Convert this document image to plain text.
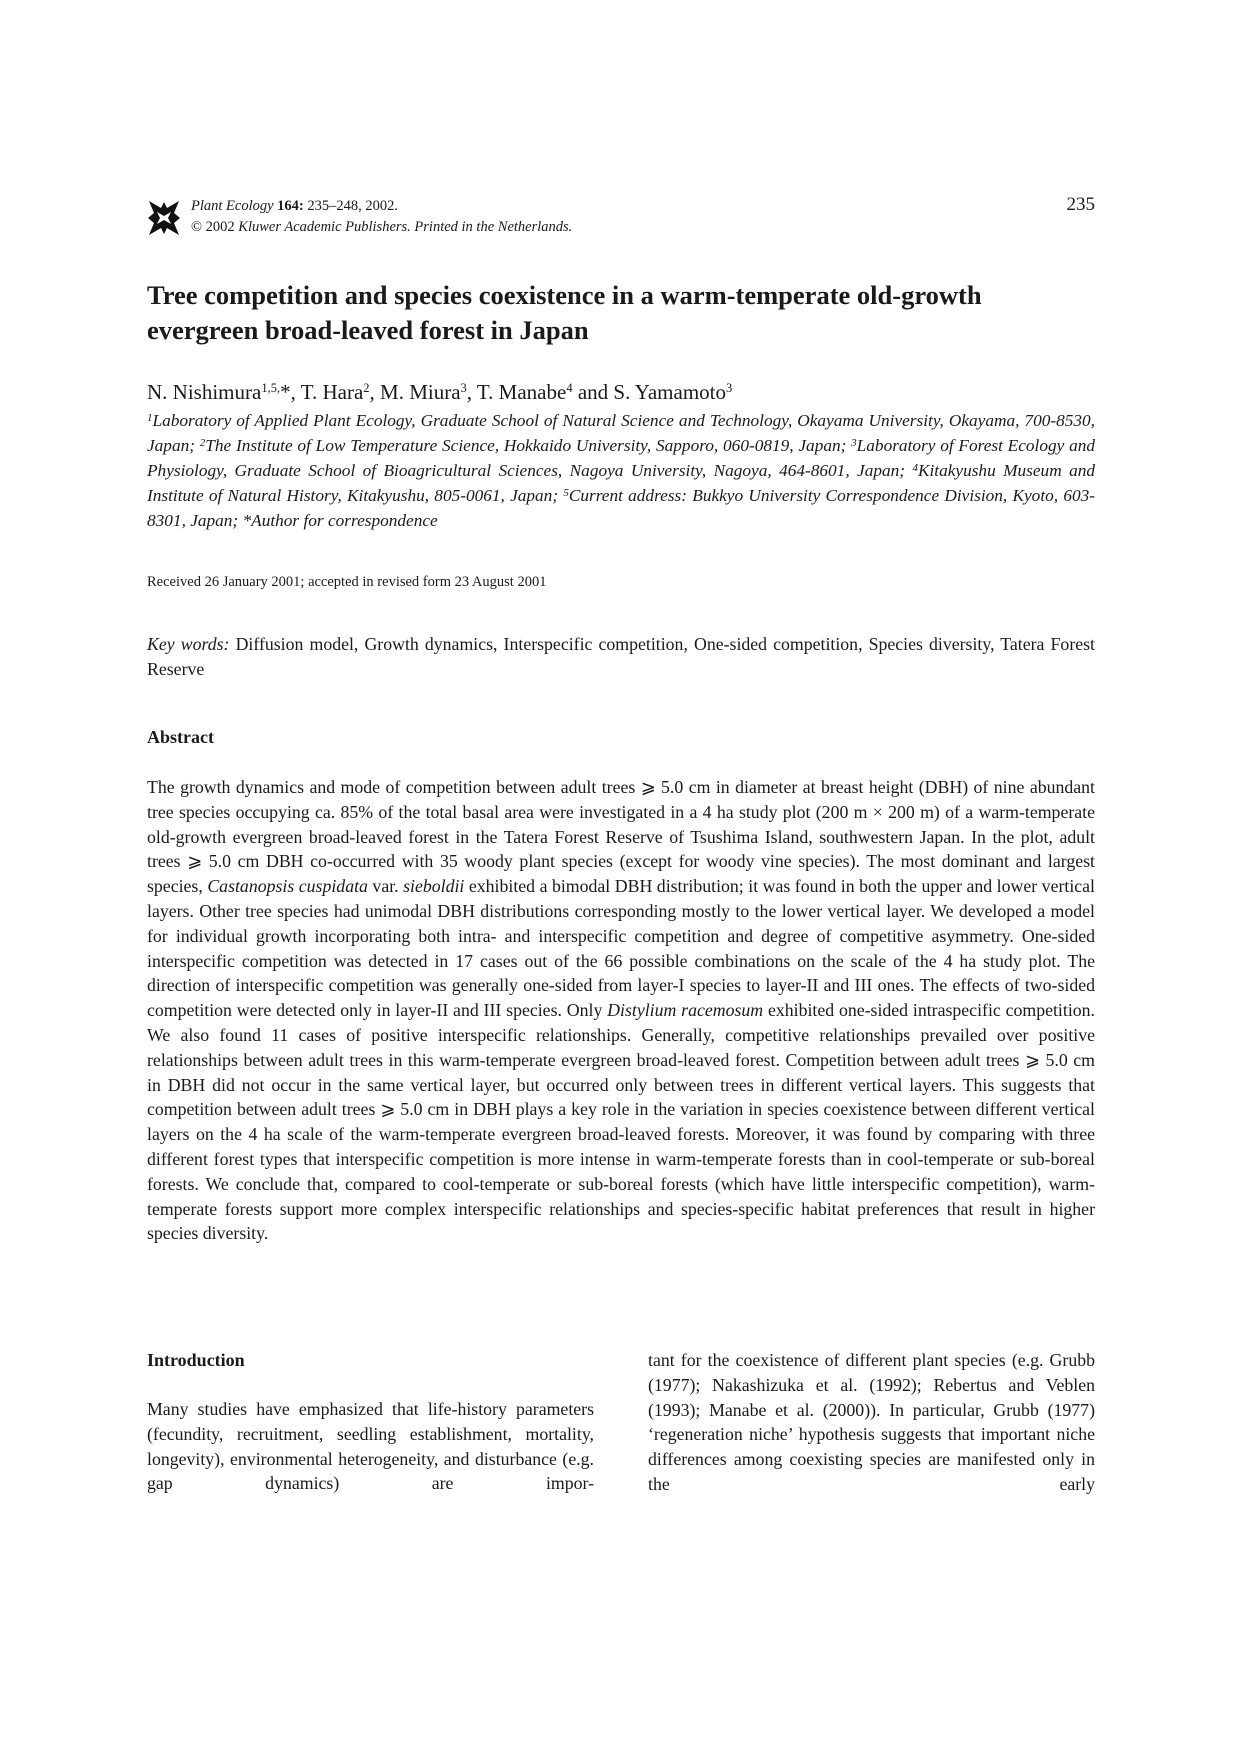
Plant Ecology 164: 235–248, 2002.
© 2002 Kluwer Academic Publishers. Printed in the Netherlands.
235
Tree competition and species coexistence in a warm-temperate old-growth evergreen broad-leaved forest in Japan
N. Nishimura$^{1,5,}$*, T. Hara$^2$, M. Miura$^3$, T. Manabe$^4$ and S. Yamamoto$^3$
$^1$Laboratory of Applied Plant Ecology, Graduate School of Natural Science and Technology, Okayama University, Okayama, 700-8530, Japan; $^2$The Institute of Low Temperature Science, Hokkaido University, Sapporo, 060-0819, Japan; $^3$Laboratory of Forest Ecology and Physiology, Graduate School of Bioagricultural Sciences, Nagoya University, Nagoya, 464-8601, Japan; $^4$Kitakyushu Museum and Institute of Natural History, Kitakyushu, 805-0061, Japan; $^5$Current address: Bukkyo University Correspondence Division, Kyoto, 603-8301, Japan; *Author for correspondence
Received 26 January 2001; accepted in revised form 23 August 2001
Key words: Diffusion model, Growth dynamics, Interspecific competition, One-sided competition, Species diversity, Tatera Forest Reserve
Abstract

The growth dynamics and mode of competition between adult trees ⩾ 5.0 cm in diameter at breast height (DBH) of nine abundant tree species occupying ca. 85% of the total basal area were investigated in a 4 ha study plot (200 m × 200 m) of a warm-temperate old-growth evergreen broad-leaved forest in the Tatera Forest Reserve of Tsushima Island, southwestern Japan. In the plot, adult trees ⩾ 5.0 cm DBH co-occurred with 35 woody plant species (except for woody vine species). The most dominant and largest species, Castanopsis cuspidata var. sieboldii exhibited a bimodal DBH distribution; it was found in both the upper and lower vertical layers. Other tree species had unimodal DBH distributions corresponding mostly to the lower vertical layer. We developed a model for individual growth incorporating both intra- and interspecific competition and degree of competitive asymmetry. One-sided interspecific competition was detected in 17 cases out of the 66 possible combinations on the scale of the 4 ha study plot. The direction of interspecific competition was generally one-sided from layer-I species to layer-II and III ones. The effects of two-sided competition were detected only in layer-II and III species. Only Distylium racemosum exhibited one-sided intraspecific competition. We also found 11 cases of positive interspecific relationships. Generally, competitive relationships prevailed over positive relationships between adult trees in this warm-temperate evergreen broad-leaved forest. Competition between adult trees ⩾ 5.0 cm in DBH did not occur in the same vertical layer, but occurred only between trees in different vertical layers. This suggests that competition between adult trees ⩾ 5.0 cm in DBH plays a key role in the variation in species coexistence between different vertical layers on the 4 ha scale of the warm-temperate evergreen broad-leaved forests. Moreover, it was found by comparing with three different forest types that interspecific competition is more intense in warm-temperate forests than in cool-temperate or sub-boreal forests. We conclude that, compared to cool-temperate or sub-boreal forests (which have little interspecific competition), warm-temperate forests support more complex interspecific relationships and species-specific habitat preferences that result in higher species diversity.

Introduction

Many studies have emphasized that life-history parameters (fecundity, recruitment, seedling establishment, mortality, longevity), environmental heterogeneity, and disturbance (e.g. gap dynamics) are impor-

tant for the coexistence of different plant species (e.g. Grubb (1977); Nakashizuka et al. (1992); Rebertus and Veblen (1993); Manabe et al. (2000)). In particular, Grubb (1977) ‘regeneration niche’ hypothesis suggests that important niche differences among coexisting species are manifested only in the early
